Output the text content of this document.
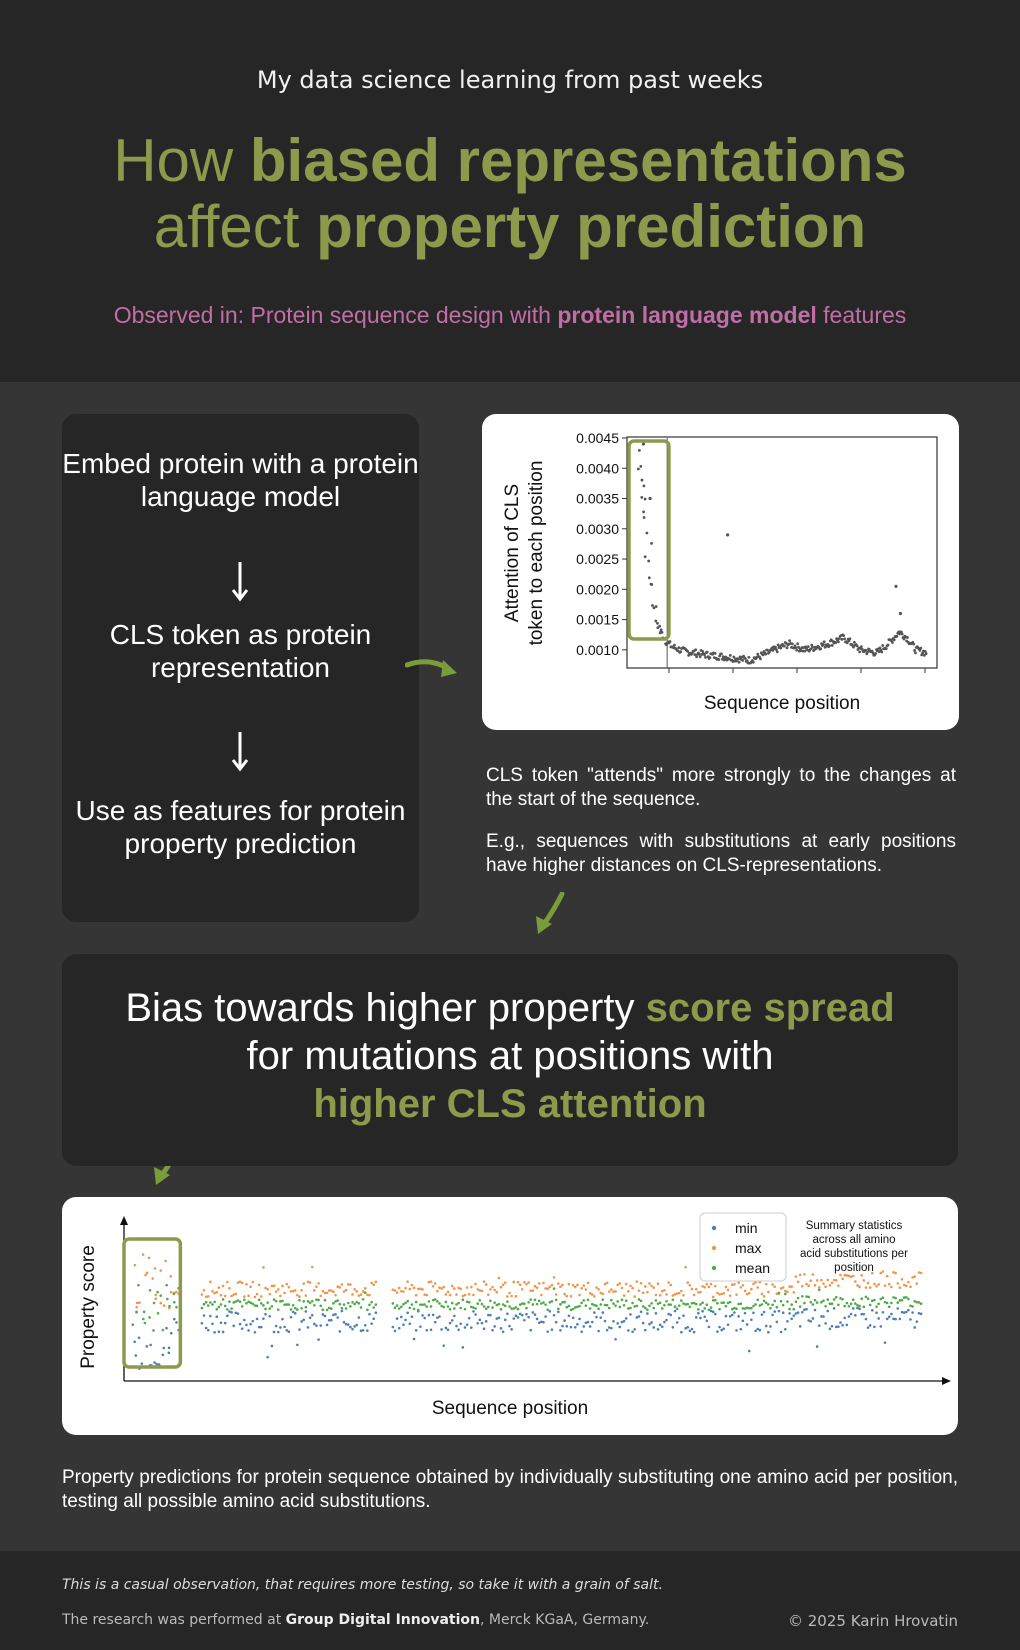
My data science learning from past weeks
How biased representations
affect property prediction
Observed in: Protein sequence design with protein language model features
Embed protein with a protein language model
CLS token as protein representation
Use as features for protein property prediction
0.0010
0.0015
0.0020
0.0025
0.0030
0.0035
0.0040
0.0045
Sequence position
Attention of CLS token to each position
CLS token "attends" more strongly to the changes at the start of the sequence.
E.g., sequences with substitutions at early positions have higher distances on CLS-representations.
Bias towards higher property score spread
for mutations at positions with
higher CLS attention
min
max
mean
Summary statistics across all amino acid substitutions per position
Sequence position
Property score
Property predictions for protein sequence obtained by individually substituting one amino acid per position, testing all possible amino acid substitutions.
This is a casual observation, that requires more testing, so take it with a grain of salt.
The research was performed at Group Digital Innovation, Merck KGaA, Germany.	© 2025 Karin Hrovatin
